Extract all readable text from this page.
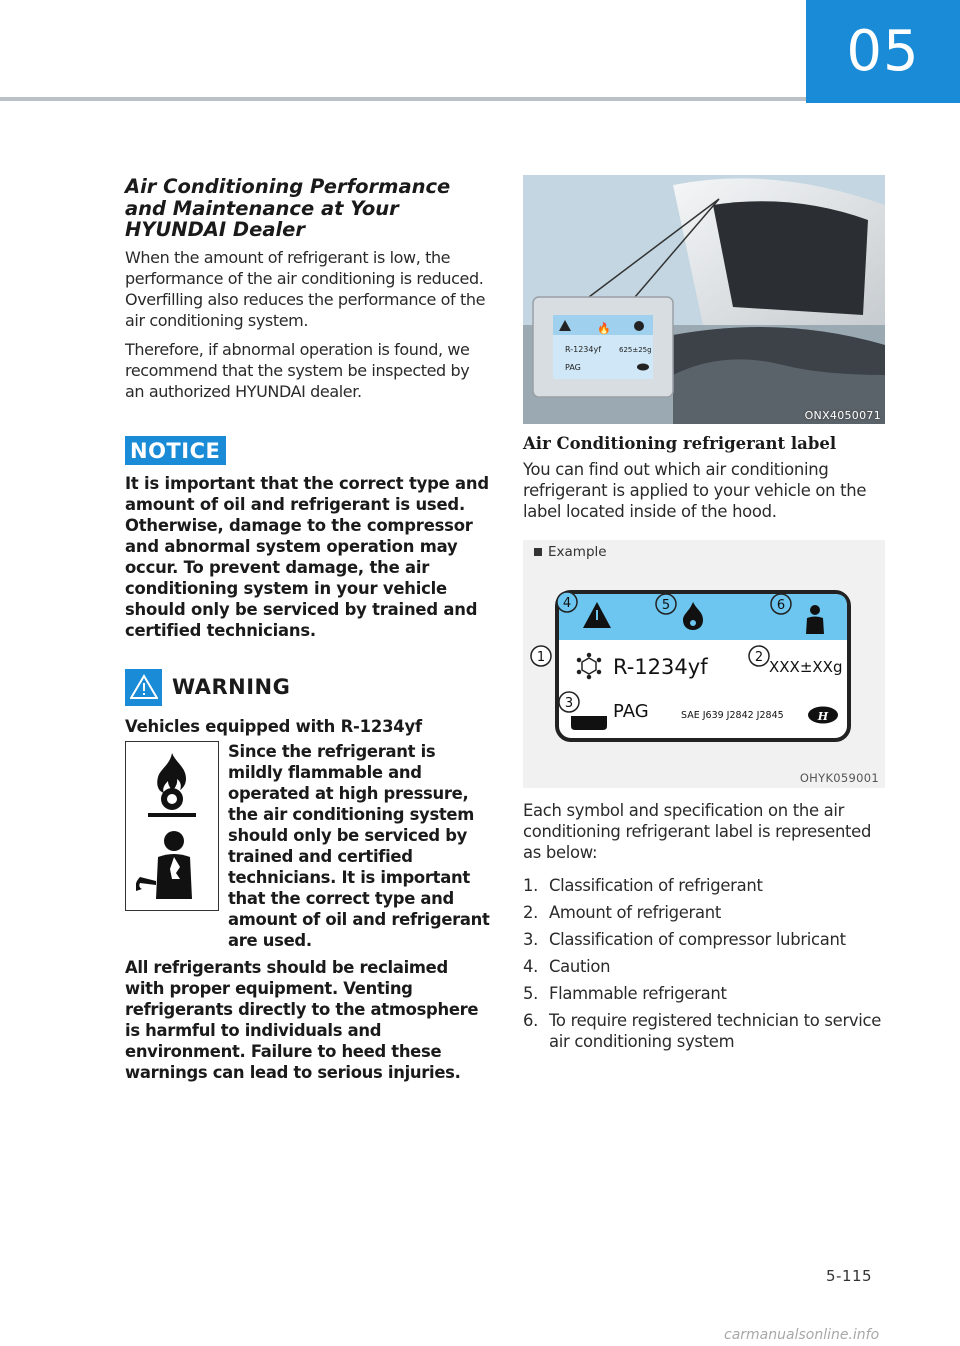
05
Air Conditioning Performance and Maintenance at Your HYUNDAI Dealer

When the amount of refrigerant is low, the performance of the air conditioning is reduced. Overfilling also reduces the performance of the air conditioning system.

Therefore, if abnormal operation is found, we recommend that the system be inspected by an authorized HYUNDAI dealer.

NOTICE

It is important that the correct type and amount of oil and refrigerant is used. Otherwise, damage to the compressor and abnormal system operation may occur. To prevent damage, the air conditioning system in your vehicle should only be serviced by trained and certified technicians.

WARNING

Vehicles equipped with R-1234yf

Since the refrigerant is mildly flammable and operated at high pressure, the air conditioning system should only be serviced by trained and certified technicians. It is important that the correct type and amount of oil and refrigerant are used.

All refrigerants should be reclaimed with proper equipment. Venting refrigerants directly to the atmosphere is harmful to individuals and environment. Failure to heed these warnings can lead to serious injuries.

🔥
R-1234yf	625±25g
PAG
ONX4050071
Air Conditioning refrigerant label

You can find out which air conditioning refrigerant is applied to your vehicle on the label located inside of the hood.

Example
4	5	6
1	2
3
R-1234yf	XXX±XXg
PAG	SAE J639 J2842 J2845	H
OHYK059001

Each symbol and specification on the air conditioning refrigerant label is represented as below:

1. Classification of refrigerant
2. Amount of refrigerant
3. Classification of compressor lubricant
4. Caution
5. Flammable refrigerant
6. To require registered technician to service air conditioning system
5-115
carmanualsonline.info
